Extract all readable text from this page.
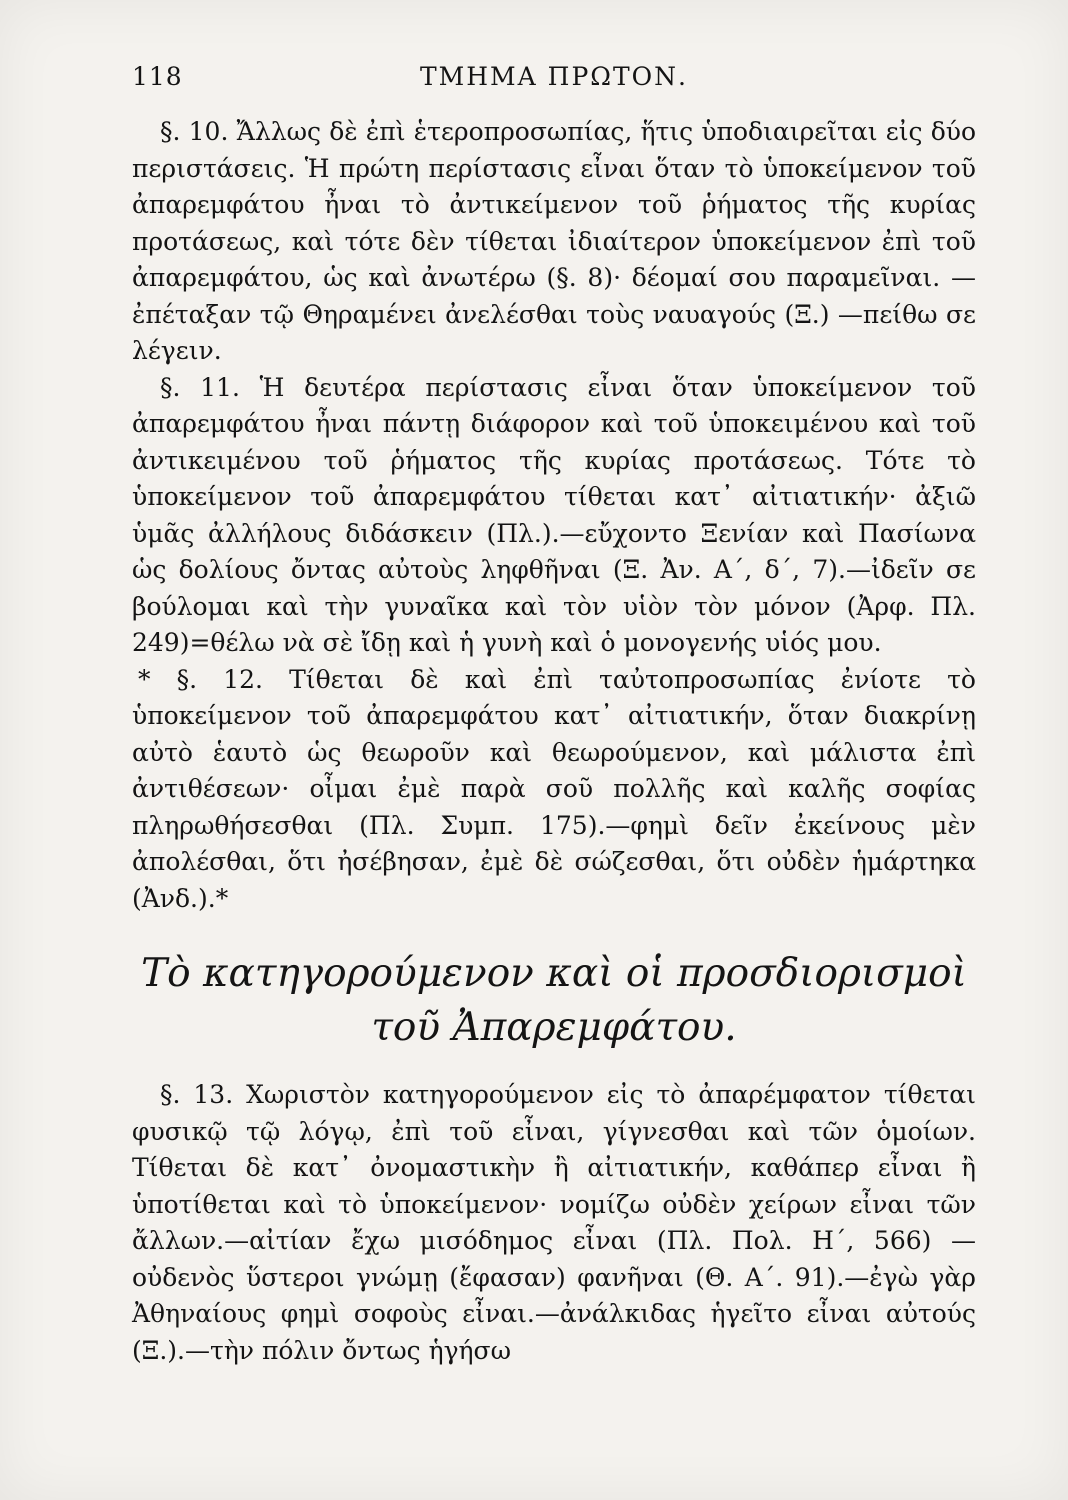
118	ΤΜΗΜΑ ΠΡΩΤΟΝ.

§. 10. Ἄλλως δὲ ἐπὶ ἑτεροπροσωπίας, ἥτις ὑποδιαιρεῖται εἰς δύο περιστάσεις. Ἡ πρώτη περίστασις εἶναι ὅταν τὸ ὑποκείμενον τοῦ ἀπαρεμφάτου ἦναι τὸ ἀντικείμενον τοῦ ῥήματος τῆς κυρίας προτάσεως, καὶ τότε δὲν τίθεται ἰδιαίτερον ὑποκείμενον ἐπὶ τοῦ ἀπαρεμφάτου, ὡς καὶ ἀνωτέρω (§. 8)· δέομαί σου παραμεῖναι. — ἐπέταξαν τῷ Θηραμένει ἀνελέσθαι τοὺς ναυαγούς (Ξ.) —πείθω σε λέγειν.

§. 11. Ἡ δευτέρα περίστασις εἶναι ὅταν ὑποκείμενον τοῦ ἀπαρεμφάτου ἦναι πάντῃ διάφορον καὶ τοῦ ὑποκειμένου καὶ τοῦ ἀντικειμένου τοῦ ῥήματος τῆς κυρίας προτάσεως. Τότε τὸ ὑποκείμενον τοῦ ἀπαρεμφάτου τίθεται κατ᾽ αἰτιατικήν· ἀξιῶ ὑμᾶς ἀλλήλους διδάσκειν (Πλ.).—εὔχοντο Ξενίαν καὶ Πασίωνα ὡς δολίους ὄντας αὐτοὺς ληφθῆναι (Ξ. Ἀν. Α΄, δ΄, 7).—ἰδεῖν σε βούλομαι καὶ τὴν γυναῖκα καὶ τὸν υἱὸν τὸν μόνον (Ἀρφ. Πλ. 249)=θέλω νὰ σὲ ἴδῃ καὶ ἡ γυνὴ καὶ ὁ μονογενής υἱός μου.

* §. 12. Τίθεται δὲ καὶ ἐπὶ ταὐτοπροσωπίας ἐνίοτε τὸ ὑποκείμενον τοῦ ἀπαρεμφάτου κατ᾽ αἰτιατικήν, ὅταν διακρίνῃ αὐτὸ ἑαυτὸ ὡς θεωροῦν καὶ θεωρούμενον, καὶ μάλιστα ἐπὶ ἀντιθέσεων· οἶμαι ἐμὲ παρὰ σοῦ πολλῆς καὶ καλῆς σοφίας πληρωθήσεσθαι (Πλ. Συμπ. 175).—φημὶ δεῖν ἐκείνους μὲν ἀπολέσθαι, ὅτι ἠσέβησαν, ἐμὲ δὲ σώζεσθαι, ὅτι οὐδὲν ἡμάρτηκα (Ἀνδ.).*

Τὸ κατηγορούμενον καὶ οἱ προσδιορισμοὶ
τοῦ Ἀπαρεμφάτου.

§. 13. Χωριστὸν κατηγορούμενον εἰς τὸ ἀπαρέμφατον τίθεται φυσικῷ τῷ λόγῳ, ἐπὶ τοῦ εἶναι, γίγνεσθαι καὶ τῶν ὁμοίων. Τίθεται δὲ κατ᾽ ὀνομαστικὴν ἢ αἰτιατικήν, καθάπερ εἶναι ἢ ὑποτίθεται καὶ τὸ ὑποκείμενον· νομίζω οὐδὲν χείρων εἶναι τῶν ἄλλων.—αἰτίαν ἔχω μισόδημος εἶναι (Πλ. Πολ. Η΄, 566) —οὐδενὸς ὕστεροι γνώμῃ (ἔφασαν) φανῆναι (Θ. Α΄. 91).—ἐγὼ γὰρ Ἀθηναίους φημὶ σοφοὺς εἶναι.—ἀνάλκιδας ἡγεῖτο εἶναι αὐτούς (Ξ.).—τὴν πόλιν ὄντως ἡγήσω
